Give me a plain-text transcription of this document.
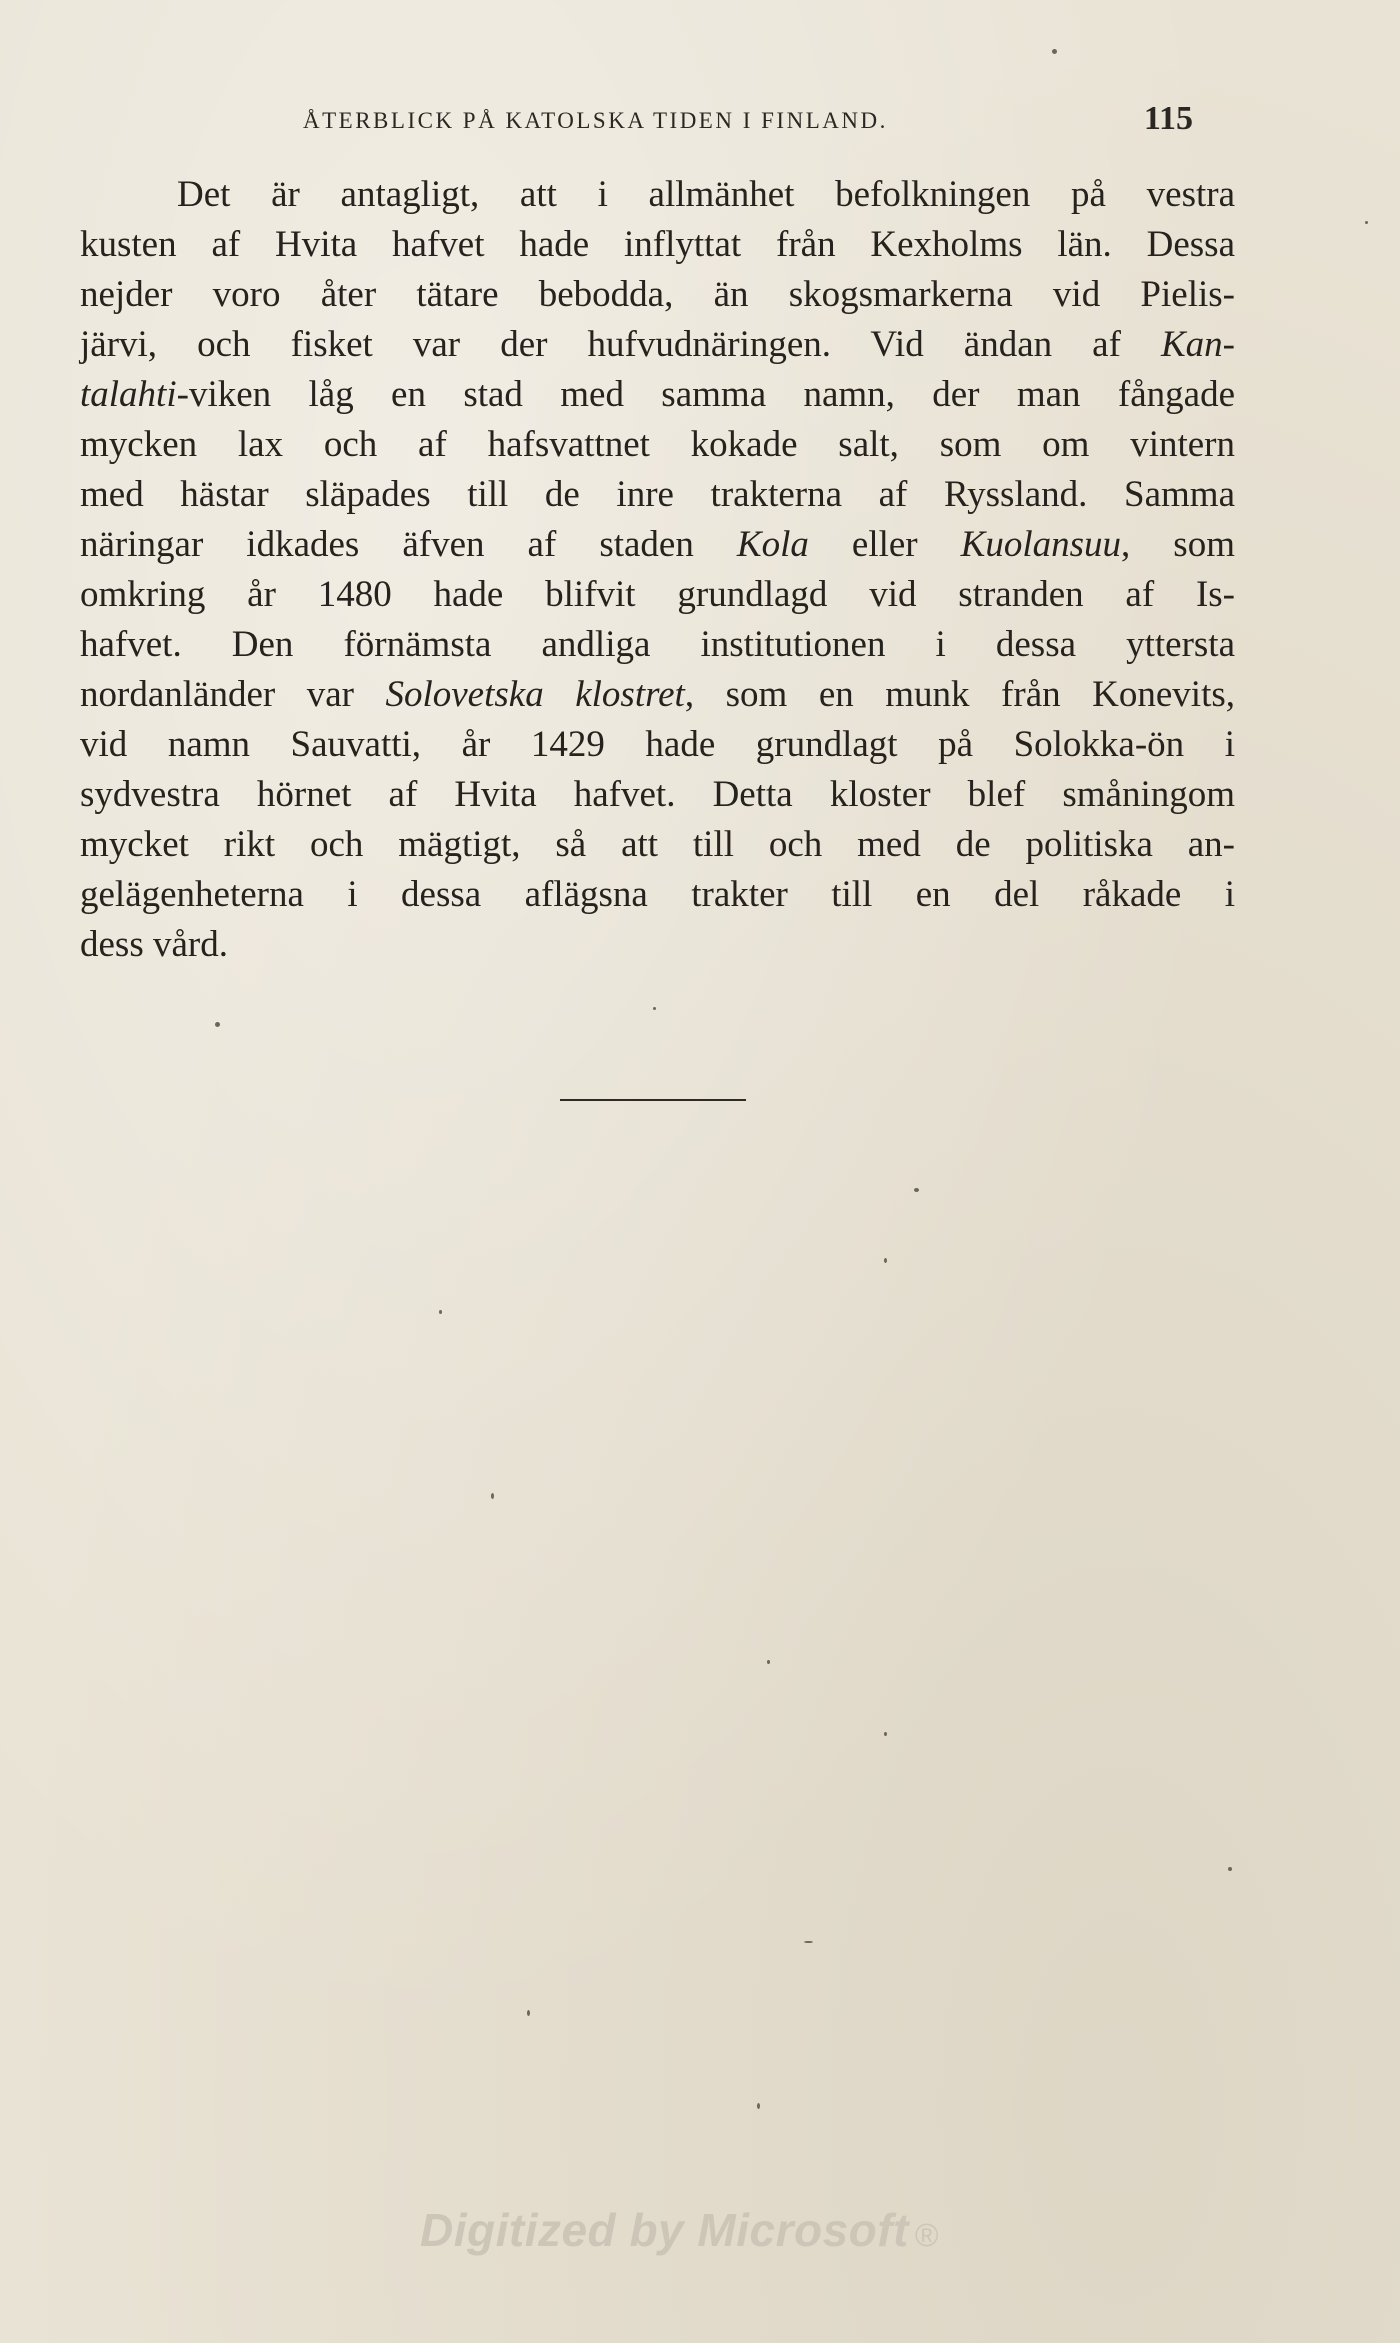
ÅTERBLICK PÅ KATOLSKA TIDEN I FINLAND.	115
Det är antagligt, att i allmänhet befolkningen på vestra
kusten af Hvita hafvet hade inflyttat från Kexholms län. Dessa
nejder voro åter tätare bebodda, än skogsmarkerna vid Pielis-
järvi, och fisket var der hufvudnäringen. Vid ändan af Kan-
talahti-viken låg en stad med samma namn, der man fångade
mycken lax och af hafsvattnet kokade salt, som om vintern
med hästar släpades till de inre trakterna af Ryssland. Samma
näringar idkades äfven af staden Kola eller Kuolansuu, som
omkring år 1480 hade blifvit grundlagd vid stranden af Is-
hafvet. Den förnämsta andliga institutionen i dessa yttersta
nordanländer var Solovetska klostret, som en munk från Konevits,
vid namn Sauvatti, år 1429 hade grundlagt på Solokka-ön i
sydvestra hörnet af Hvita hafvet. Detta kloster blef småningom
mycket rikt och mägtigt, så att till och med de politiska an-
gelägenheterna i dessa aflägsna trakter till en del råkade i
dess vård.
Digitized by Microsoft ®
